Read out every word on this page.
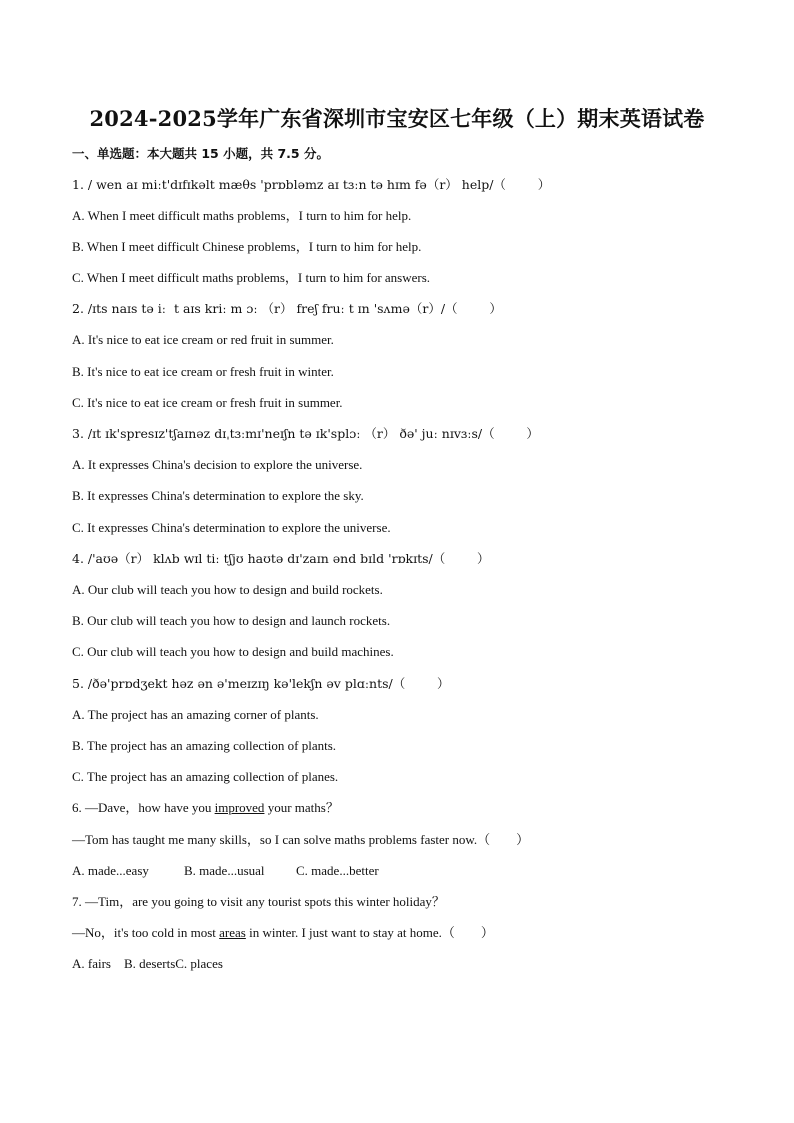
2024-2025学年广东省深圳市宝安区七年级（上）期末英语试卷
一、单选题：本大题共 15 小题，共 7.5 分。
1. / wen aɪ miːt'dɪfɪkəlt mæθs 'prɒbləmz aɪ tɜːn tə hɪm fə（r） help/（        ）
A. When I meet difficult maths problems，I turn to him for help.
B. When I meet difficult Chinese problems，I turn to him for help.
C. When I meet difficult maths problems，I turn to him for answers.
2. /ɪts naɪs tə iː  t aɪs kriː m ɔː （r） freʃ fruː t ɪn 'sʌmə（r）/（        ）
A. It's nice to eat ice cream or red fruit in summer.
B. It's nice to eat ice cream or fresh fruit in winter.
C. It's nice to eat ice cream or fresh fruit in summer.
3. /ɪt ɪk'spresɪz'tʃaɪnəz dɪˌtɜːmɪ'neɪʃn tə ɪk'splɔː （r） ðə' juː nɪvɜːs/（        ）
A. It expresses China's decision to explore the universe.
B. It expresses China's determination to explore the sky.
C. It expresses China's determination to explore the universe.
4. /'aʊə（r） klʌb wɪl tiː tʃjʊ haʊtə dɪ'zaɪn ənd bɪld 'rɒkɪts/（        ）
A. Our club will teach you how to design and build rockets.
B. Our club will teach you how to design and launch rockets.
C. Our club will teach you how to design and build machines.
5. /ðə'prɒdʒekt həz ən ə'meɪzɪŋ kə'lekʃn əv plɑːnts/（        ）
A. The project has an amazing corner of plants.
B. The project has an amazing collection of plants.
C. The project has an amazing collection of planes.
6. —Dave，how have you improved your maths？
—Tom has taught me many skills，so I can solve maths problems faster now.（        ）
A. made...easy	B. made...usual C. made...better
7. —Tim，are you going to visit any tourist spots this winter holiday？
—No，it's too cold in most areas in winter. I just want to stay at home.（        ）
A. fairs    B. desertsC. places
